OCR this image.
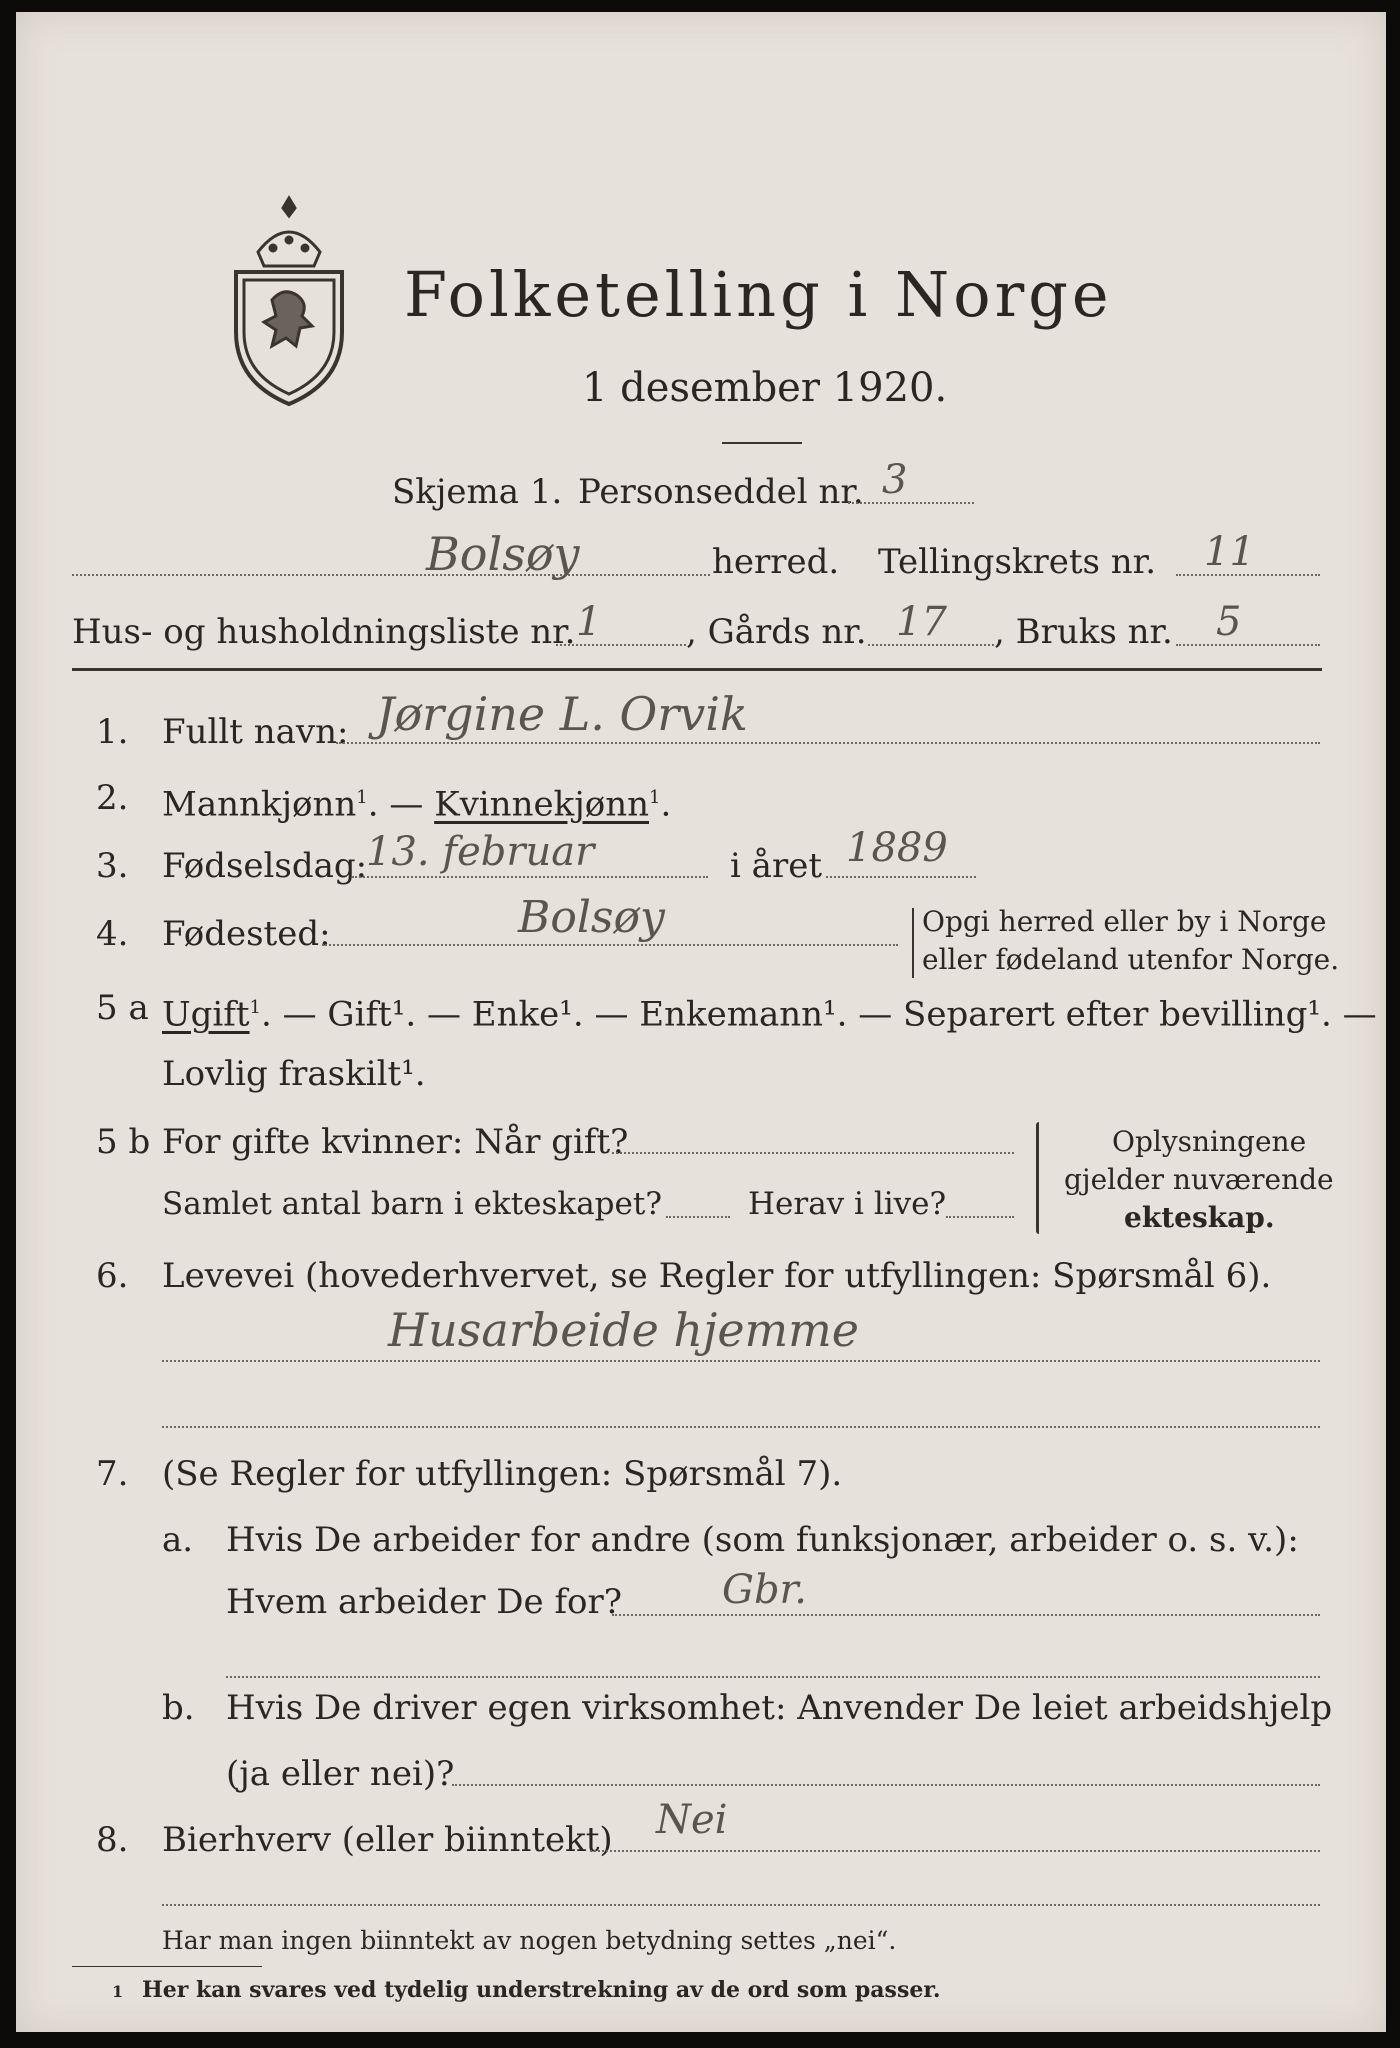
Folketelling i Norge
1 desember 1920.
Skjema 1. Personseddel nr. 3
Bolsøy	herred. Tellingskrets nr. 11
Hus- og husholdningsliste nr. 1 , Gårds nr. 17 , Bruks nr. 5
1. Fullt navn: Jørgine L. Orvik
2. Mannkjønn$^1$. — Kvinnekjønn$^1$.
3. Fødselsdag:
13. februar	i året 1889
4. Fødested:	Bolsøy	Opgi herred eller by i Norge
eller fødeland utenfor Norge.
5 a Ugift$^1$. — Gift¹. — Enke¹. — Enkemann¹. — Separert efter bevilling¹. —
Lovlig fraskilt¹.
5 b For gifte kvinner: Når gift?
Samlet antal barn i ekteskapet?	Herav i live?
Oplysningene
gjelder nuværende
ekteskap.
6. Levevei (hovederhvervet, se Regler for utfyllingen: Spørsmål 6).
Husarbeide hjemme
7. (Se Regler for utfyllingen: Spørsmål 7).
a. Hvis De arbeider for andre (som funksjonær, arbeider o. s. v.):
Hvem arbeider De for?	Gbr.
b. Hvis De driver egen virksomhet: Anvender De leiet arbeidshjelp
(ja eller nei)?
8. Bierhverv (eller biinntekt) Nei
Har man ingen biinntekt av nogen betydning settes „nei“.
1 Her kan svares ved tydelig understrekning av de ord som passer.
